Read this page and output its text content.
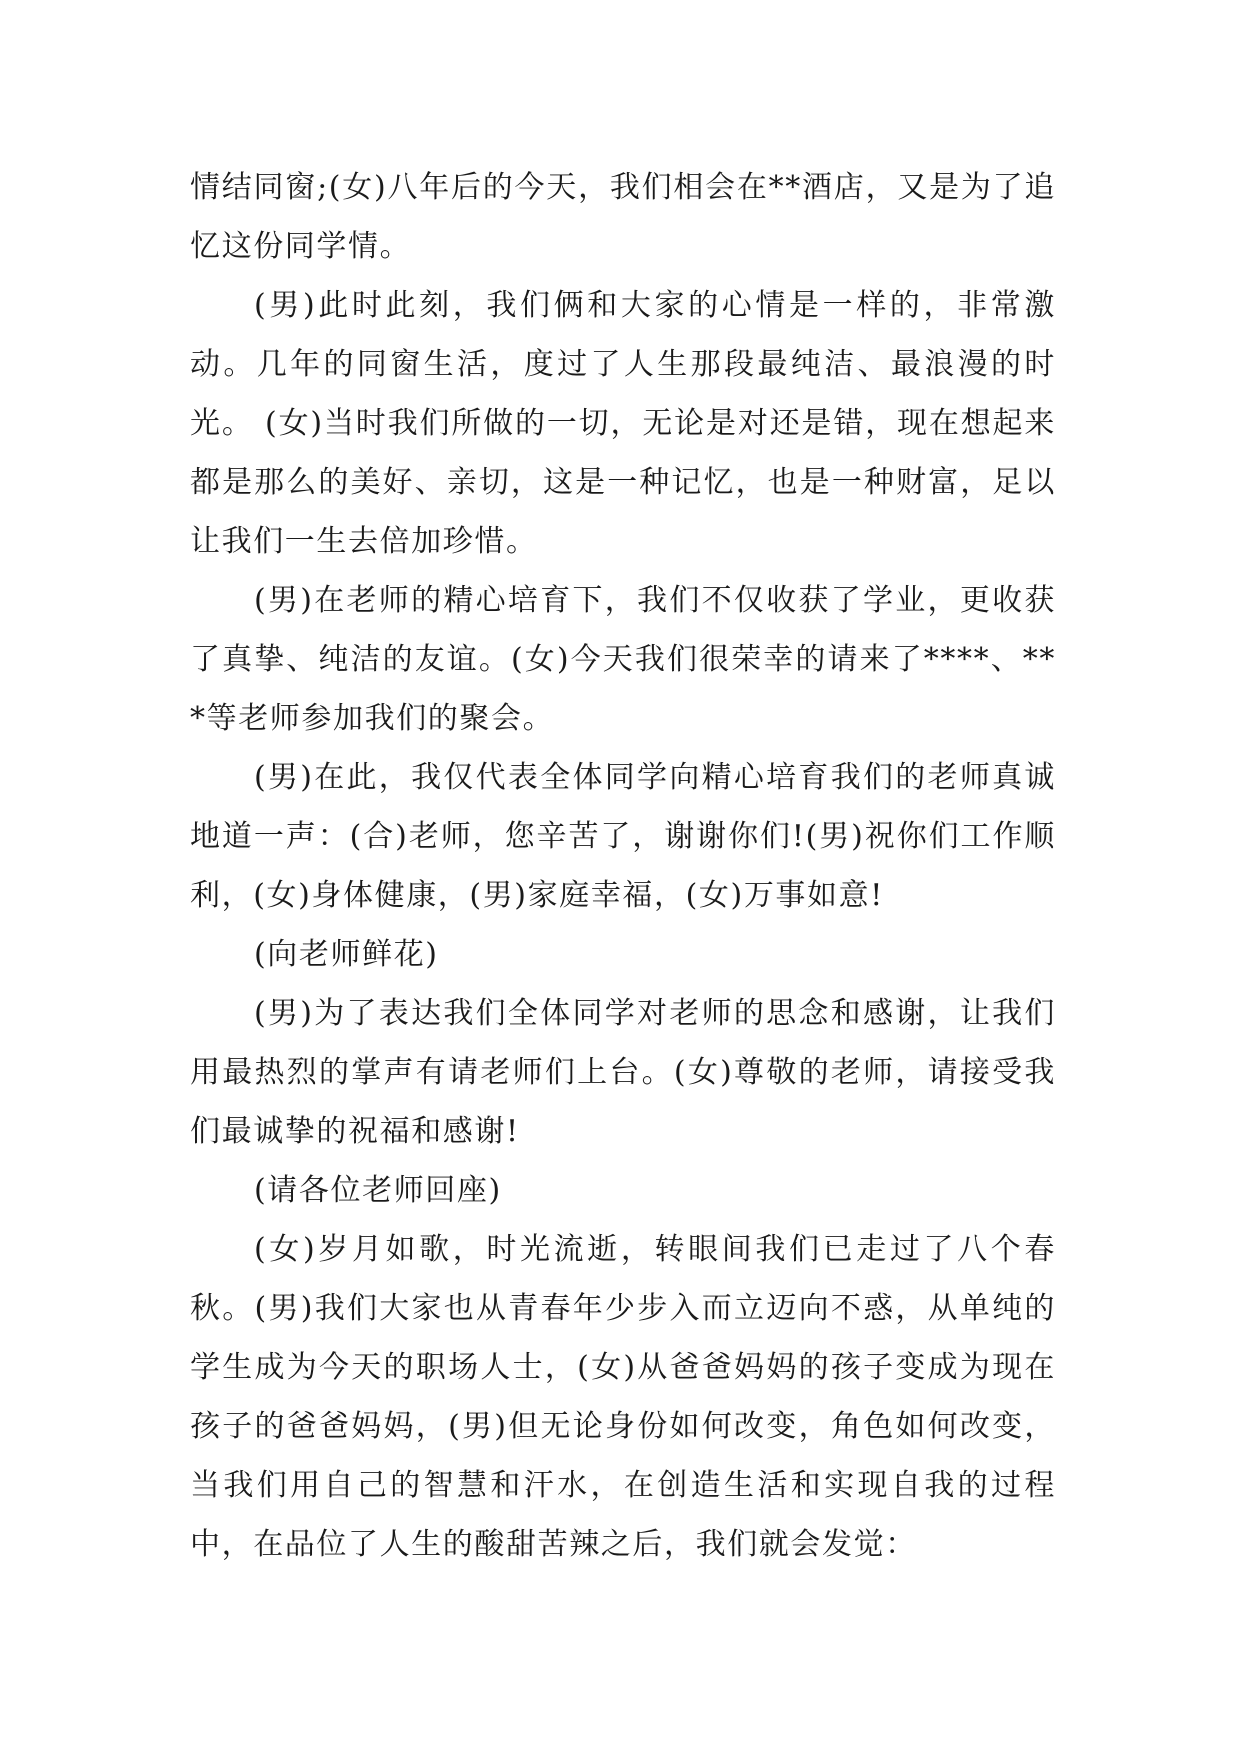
情结同窗;(女)八年后的今天，我们相会在**酒店，又是为了追忆这份同学情。

(男)此时此刻，我们俩和大家的心情是一样的，非常激动。几年的同窗生活，度过了人生那段最纯洁、最浪漫的时光。 (女)当时我们所做的一切，无论是对还是错，现在想起来都是那么的美好、亲切，这是一种记忆，也是一种财富，足以让我们一生去倍加珍惜。

(男)在老师的精心培育下，我们不仅收获了学业，更收获了真挚、纯洁的友谊。(女)今天我们很荣幸的请来了****、***等老师参加我们的聚会。

(男)在此，我仅代表全体同学向精心培育我们的老师真诚地道一声：(合)老师，您辛苦了，谢谢你们!(男)祝你们工作顺利，(女)身体健康，(男)家庭幸福，(女)万事如意!

(向老师鲜花)

(男)为了表达我们全体同学对老师的思念和感谢，让我们用最热烈的掌声有请老师们上台。(女)尊敬的老师，请接受我们最诚挚的祝福和感谢!

(请各位老师回座)

(女)岁月如歌，时光流逝，转眼间我们已走过了八个春秋。(男)我们大家也从青春年少步入而立迈向不惑，从单纯的学生成为今天的职场人士，(女)从爸爸妈妈的孩子变成为现在孩子的爸爸妈妈，(男)但无论身份如何改变，角色如何改变，当我们用自己的智慧和汗水，在创造生活和实现自我的过程中，在品位了人生的酸甜苦辣之后，我们就会发觉：
